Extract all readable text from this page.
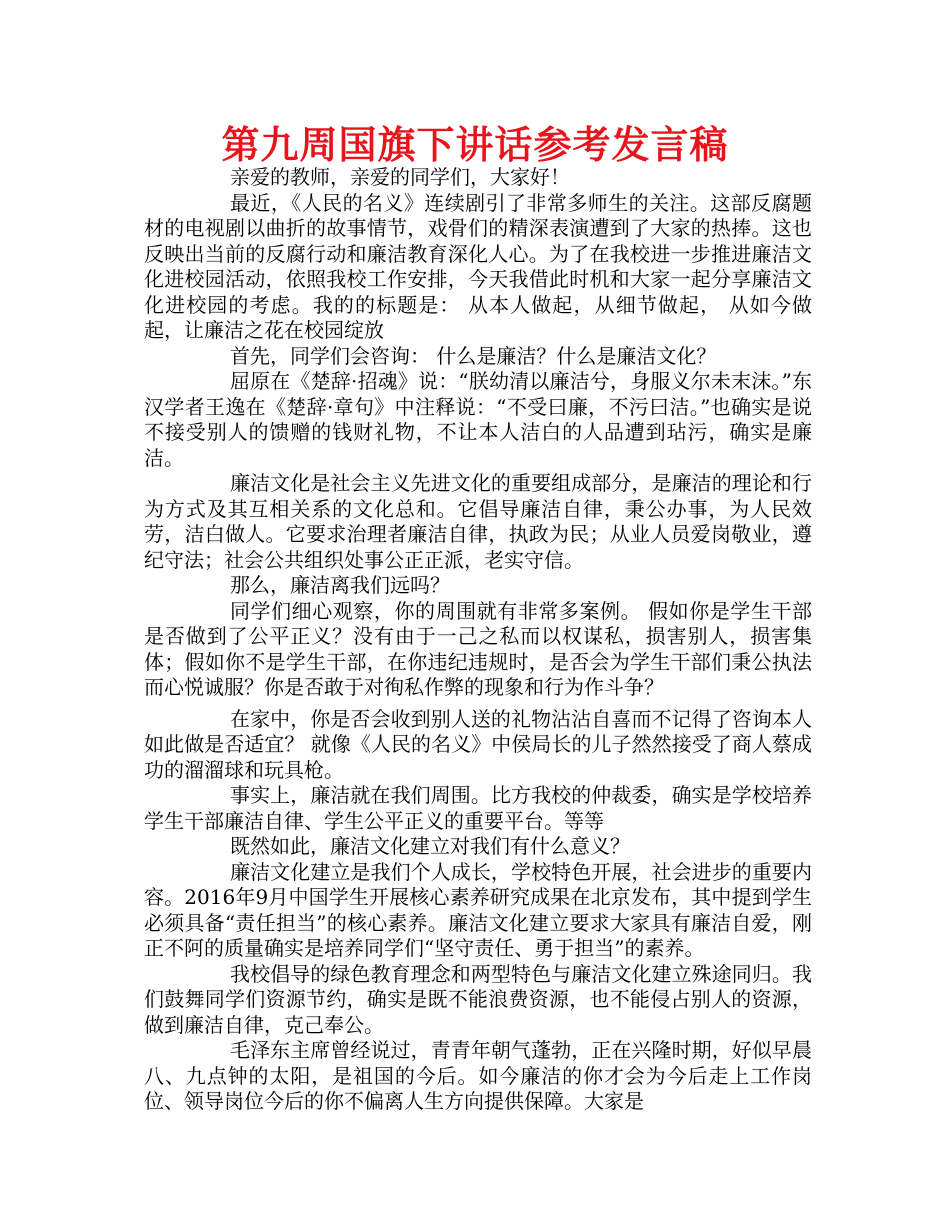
第九周国旗下讲话参考发言稿

亲爱的教师，亲爱的同学们，大家好！

最近，《人民的名义》连续剧引了非常多师生的关注。这部反腐题材的电视剧以曲折的故事情节，戏骨们的精深表演遭到了大家的热捧。这也反映出当前的反腐行动和廉洁教育深化人心。为了在我校进一步推进廉洁文化进校园活动，依照我校工作安排，今天我借此时机和大家一起分享廉洁文化进校园的考虑。我的的标题是： 从本人做起，从细节做起， 从如今做起，让廉洁之花在校园绽放

首先，同学们会咨询： 什么是廉洁？什么是廉洁文化？

屈原在《楚辞·招魂》说：“朕幼清以廉洁兮，身服义尔未末沫。”东汉学者王逸在《楚辞·章句》中注释说：“不受曰廉，不污曰洁。”也确实是说不接受别人的馈赠的钱财礼物，不让本人洁白的人品遭到玷污，确实是廉洁。

廉洁文化是社会主义先进文化的重要组成部分，是廉洁的理论和行为方式及其互相关系的文化总和。它倡导廉洁自律，秉公办事，为人民效劳，洁白做人。它要求治理者廉洁自律，执政为民；从业人员爱岗敬业，遵纪守法；社会公共组织处事公正正派，老实守信。

那么，廉洁离我们远吗？

同学们细心观察，你的周围就有非常多案例。 假如你是学生干部是否做到了公平正义？没有由于一己之私而以权谋私，损害别人，损害集体；假如你不是学生干部，在你违纪违规时，是否会为学生干部们秉公执法而心悦诚服？你是否敢于对徇私作弊的现象和行为作斗争？

在家中，你是否会收到别人送的礼物沾沾自喜而不记得了咨询本人如此做是否适宜？ 就像《人民的名义》中侯局长的儿子然然接受了商人蔡成功的溜溜球和玩具枪。

事实上，廉洁就在我们周围。比方我校的仲裁委，确实是学校培养学生干部廉洁自律、学生公平正义的重要平台。等等

既然如此，廉洁文化建立对我们有什么意义？

廉洁文化建立是我们个人成长，学校特色开展，社会进步的重要内容。2016年9月中国学生开展核心素养研究成果在北京发布，其中提到学生必须具备“责任担当”的核心素养。廉洁文化建立要求大家具有廉洁自爱，刚正不阿的质量确实是培养同学们“坚守责任、勇于担当”的素养。

我校倡导的绿色教育理念和两型特色与廉洁文化建立殊途同归。我们鼓舞同学们资源节约，确实是既不能浪费资源，也不能侵占别人的资源，做到廉洁自律，克己奉公。

毛泽东主席曾经说过，青青年朝气蓬勃，正在兴隆时期，好似早晨八、九点钟的太阳，是祖国的今后。如今廉洁的你才会为今后走上工作岗位、领导岗位今后的你不偏离人生方向提供保障。大家是
